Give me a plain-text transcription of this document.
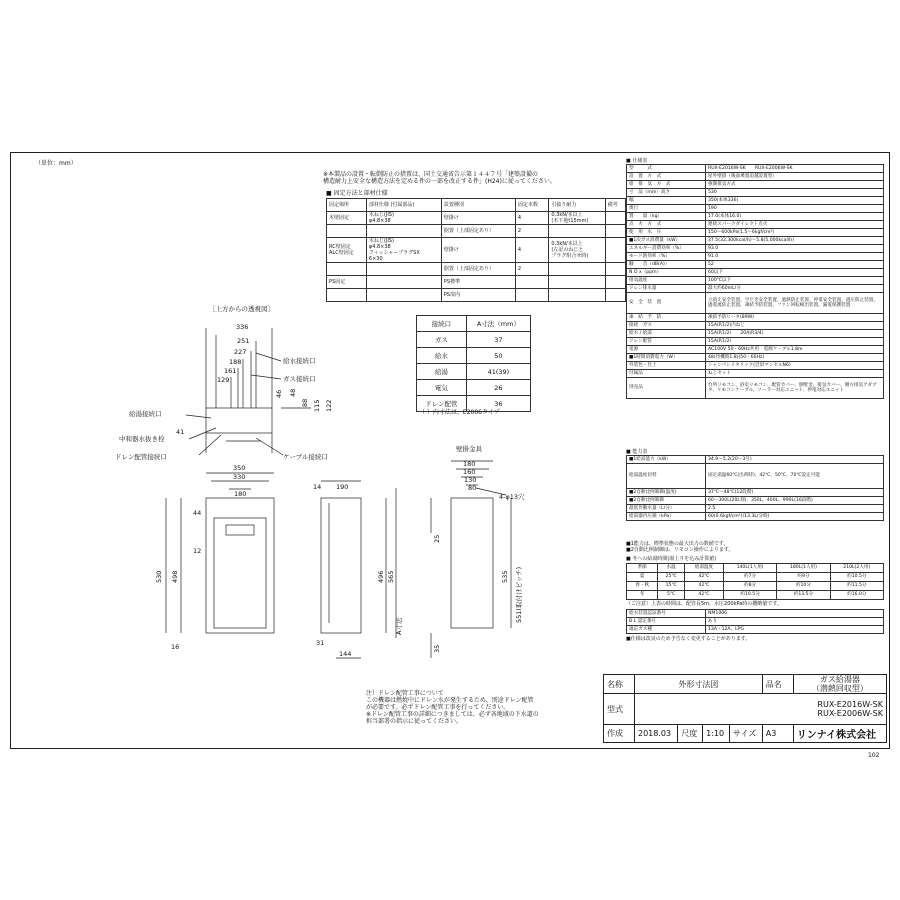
（単位：mm）
102
※本製品の設置・転倒防止の措置は、国土交通省告示第１４４７号「建築設備の
構造耐力上安全な構造方法を定める件の一部を改正する件」(H24)に従ってください。
■ 固定方法と部材仕様
固定場所	部材仕様 (付属部品)	設置種別	固定本数	引抜り耐力	備考
木壁固定	木ねじ(JIS)
φ4.8×38	壁掛け	4	0.3kN/本以上
(木下地t15mm)	
		据置（上部固定あり）	2		
RC壁固定
ALC壁固定	木ねじ(JIS)
φ4.8×38
フィッシャープラグSX
6×30	壁掛け	4	0.3kN/本以上
(左記のねじと
プラグ組合せ時)	
		据置（上部固定あり）	2		
PS固定		PS標準			
		PS扉内			
接続口	A寸法（mm）
ガス	37
給水	50
給湯	41(39)
電気	26
ドレン配管	36
（ ）内寸法は、E2006タイプ
［上方からの透視図］
336
251
227
188
161
129
41
46 48
88 115 122
給水接続口
ガス接続口
給湯接続口
中和器水抜き栓
ドレン配管接続口	ケーブル接続口
350
330
180
44
12
530 498
16
14 190
496 565
31
144
A寸法
壁掛金具
180
160
130
80
4-φ13穴
25
535 551(取付けピッチ)
35
注）ドレン配管工事について
この機器は燃焼中にドレン水が発生するため、別途ドレン配管
が必要です。必ずドレン配管工事を行ってください。
※ドレン配管工事の詳細につきましては、必ず各地域の下水道の
担当部署の指示に従ってください。
■ 仕様表
型　　　式	RUX-E2016W-SK　　RUX-E2006W-SK
設　置　方　式	屋外壁掛（後面乗置追越設置型）
給　排　気　方　式	強制排気方式
寸　法（mm）高さ	530
幅	350(本体336)
奥行	190
質　　量（kg）	17.0(本体16.0)
点　火　方　式	連続スパークダイレクト点火
使　用　水　圧	150〜600kPa(1.5〜6kgf/cm²)
■1次ガス消費量（kW）	37.5(32,300kcal/h)〜5.8(5,000kcal/h)
エネルギー消費効率（%）	93.0
モード熱効率（%）	91.0
騒　　音（dB(A)）	52
N O x（ppm）	60以下
排気温度	100℃以下
ドレン排水量	最大約60mL/分
安　全　装　置	立消え安全装置、空だき安全装置、過熱防止装置、停電安全装置、過圧防止装置、過電流防止装置、凍結予防装置、ファン回転検出装置、漏電保護装置
凍　結　予　防	凍結予防ヒータ(89W)
接続　ガス	15A(R1/2)内ねじ
給水 / 給湯	15A(R1/2)　　20A(R3/4)
ドレン配管	15A(R1/2)
電源	AC100V 50・60Hz共用　電源ケーブル1.8m
■1時間消費電力（W）	48(待機時1.8)(50・60Hz)
外装色・仕上	シャンパンメタリック(近似マンセルN6)
付属品	ねじセット
別売品	台所リモコン、浴室リモコン、配管カバー、側壁金、排気カバー、側方排気アダプタ、リモコンケーブル、ソーラー対応ユニット、停電対応ユニット
■ 能力表
■1給湯能力（kW）	34.9〜5.2(20〜3号)
給湯温度切替	固定湯温60℃(出荷時)、42℃、50℃、70℃設定可能
■2自動比例制御(温度)	37℃〜48℃(12段階)
■2自動比例制御	60〜300L(20L刻)、350L、400L、990L(16段階)
最低作動水量（L/分）	2.5
給湯器内圧損（kPa）	60(0.6kgf/cm²)(13.3L/分時)
■1能力は、標準状態の最大出力の数値です。
■2自動比例制御は、リモコン操作によります。
■ 冬への給湯時間(湯上りを込み計算値)
季節	水温	給湯温度	140L(1人用)	180L(1人用)	210L(2人用)
夏	25℃	42℃	約7分	約9分	約10.5分
春・秋	15℃	42℃	約8分	約10分	約11.5分
冬	5℃	42℃	約10.5分	約13.5分	約16.0分
（ご注意）上表の時間は、配管長5m、水圧200kPa時の概略値です。
給水装置認証番号	NM1006
B L 認定番号	あり
適応ガス種	13A・12A、LPG
■仕様は改良のため予告なく変更することがあります。
名称	外形寸法図				品名	ガス給湯器
（潜熱回収型）
型式	RUX-E2016W-SK
RUX-E2006W-SK					

作成	2018.03	尺度	1:10	サイズ	A3	リンナイ株式会社
